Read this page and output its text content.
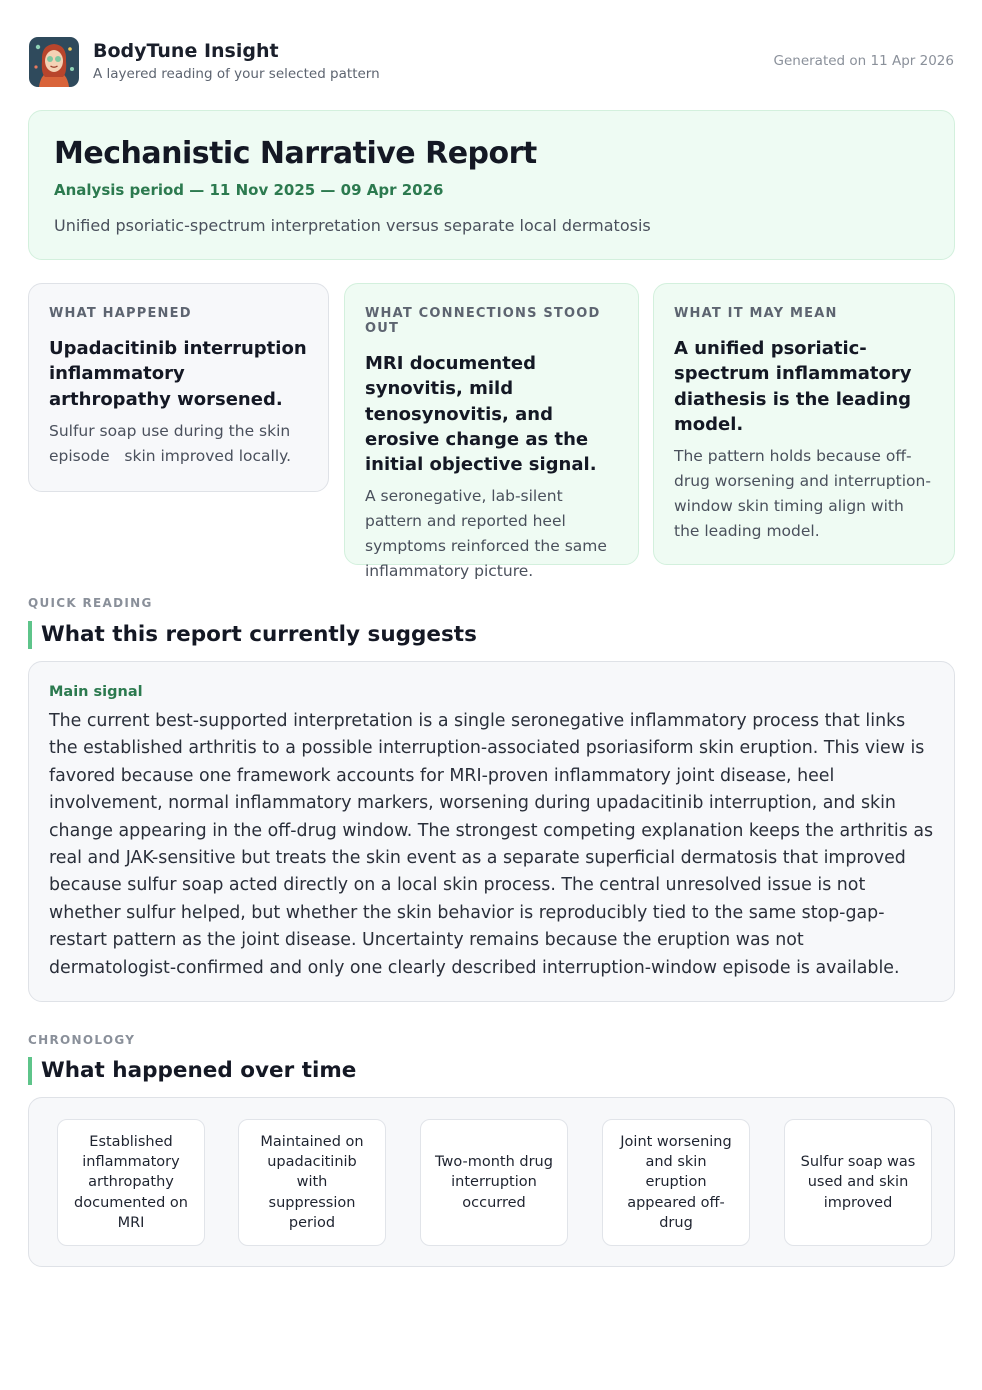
BodyTune Insight
A layered reading of your selected pattern
Generated on 11 Apr 2026
Mechanistic Narrative Report
Analysis period — 11 Nov 2025 — 09 Apr 2026
Unified psoriatic-spectrum interpretation versus separate local dermatosis
WHAT HAPPENED
Upadacitinib interruption inflammatory arthropathy worsened.
Sulfur soap use during the skin episode   skin improved locally.
WHAT CONNECTIONS STOOD OUT
MRI documented synovitis, mild tenosynovitis, and erosive change as the initial objective signal.
A seronegative, lab-silent pattern and reported heel symptoms reinforced the same inflammatory picture.
WHAT IT MAY MEAN
A unified psoriatic-spectrum inflammatory diathesis is the leading model.
The pattern holds because off-drug worsening and interruption-window skin timing align with the leading model.
QUICK READING
What this report currently suggests
Main signal
The current best-supported interpretation is a single seronegative inflammatory process that links the established arthritis to a possible interruption-associated psoriasiform skin eruption. This view is favored because one framework accounts for MRI-proven inflammatory joint disease, heel involvement, normal inflammatory markers, worsening during upadacitinib interruption, and skin change appearing in the off-drug window. The strongest competing explanation keeps the arthritis as real and JAK-sensitive but treats the skin event as a separate superficial dermatosis that improved because sulfur soap acted directly on a local skin process. The central unresolved issue is not whether sulfur helped, but whether the skin behavior is reproducibly tied to the same stop-gap-restart pattern as the joint disease. Uncertainty remains because the eruption was not dermatologist-confirmed and only one clearly described interruption-window episode is available.
CHRONOLOGY
What happened over time
Established inflammatory arthropathy documented on MRI
Maintained on upadacitinib with suppression period
Two-month drug interruption occurred
Joint worsening and skin eruption appeared off-drug
Sulfur soap was used and skin improved
